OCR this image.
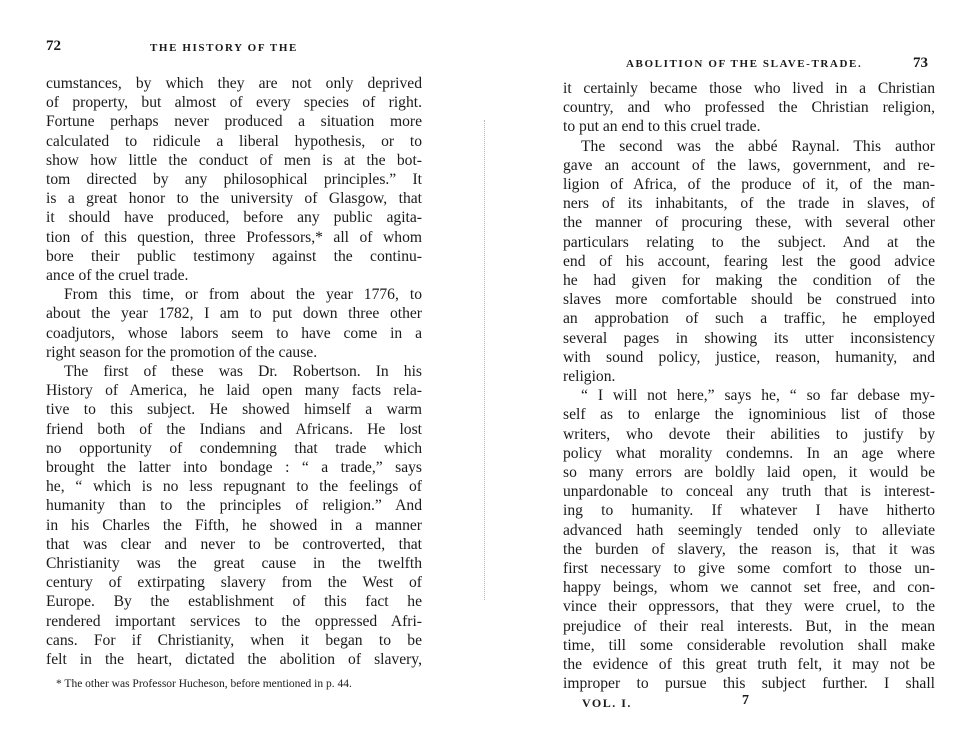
72	THE HISTORY OF THE
cumstances, by which they are not only deprived
of property, but almost of every species of right.
Fortune perhaps never produced a situation more
calculated to ridicule a liberal hypothesis, or to
show how little the conduct of men is at the bot-
tom directed by any philosophical principles.” It
is a great honor to the university of Glasgow, that
it should have produced, before any public agita-
tion of this question, three Professors,* all of whom
bore their public testimony against the continu-
ance of the cruel trade.
From this time, or from about the year 1776, to
about the year 1782, I am to put down three other
coadjutors, whose labors seem to have come in a
right season for the promotion of the cause.
The first of these was Dr. Robertson. In his
History of America, he laid open many facts rela-
tive to this subject. He showed himself a warm
friend both of the Indians and Africans. He lost
no opportunity of condemning that trade which
brought the latter into bondage : “ a trade,” says
he, “ which is no less repugnant to the feelings of
humanity than to the principles of religion.” And
in his Charles the Fifth, he showed in a manner
that was clear and never to be controverted, that
Christianity was the great cause in the twelfth
century of extirpating slavery from the West of
Europe. By the establishment of this fact he
rendered important services to the oppressed Afri-
cans. For if Christianity, when it began to be
felt in the heart, dictated the abolition of slavery,
* The other was Professor Hucheson, before mentioned in p. 44.
ABOLITION OF THE SLAVE-TRADE.	73
it certainly became those who lived in a Christian
country, and who professed the Christian religion,
to put an end to this cruel trade.
The second was the abbé Raynal. This author
gave an account of the laws, government, and re-
ligion of Africa, of the produce of it, of the man-
ners of its inhabitants, of the trade in slaves, of
the manner of procuring these, with several other
particulars relating to the subject. And at the
end of his account, fearing lest the good advice
he had given for making the condition of the
slaves more comfortable should be construed into
an approbation of such a traffic, he employed
several pages in showing its utter inconsistency
with sound policy, justice, reason, humanity, and
religion.
“ I will not here,” says he, “ so far debase my-
self as to enlarge the ignominious list of those
writers, who devote their abilities to justify by
policy what morality condemns. In an age where
so many errors are boldly laid open, it would be
unpardonable to conceal any truth that is interest-
ing to humanity. If whatever I have hitherto
advanced hath seemingly tended only to alleviate
the burden of slavery, the reason is, that it was
first necessary to give some comfort to those un-
happy beings, whom we cannot set free, and con-
vince their oppressors, that they were cruel, to the
prejudice of their real interests. But, in the mean
time, till some considerable revolution shall make
the evidence of this great truth felt, it may not be
improper to pursue this subject further. I shall
VOL. I.	7
